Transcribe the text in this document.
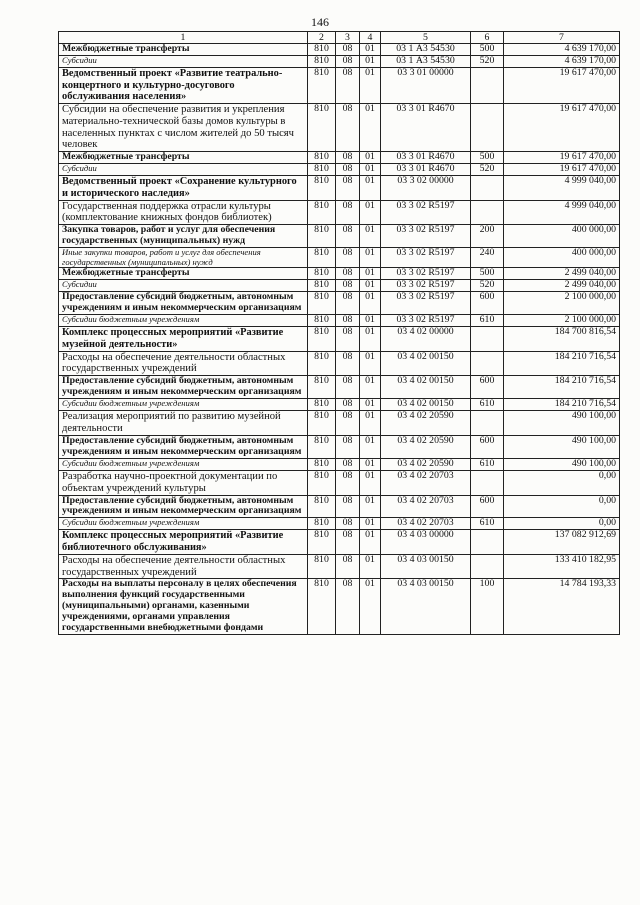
146
1	2	3	4	5	6	7
Межбюджетные трансферты	810	08	01	03 1 А3 54530	500	4 639 170,00
Субсидии	810	08	01	03 1 А3 54530	520	4 639 170,00
Ведомственный проект «Развитие театрально-концертного и культурно-досугового обслуживания населения»	810	08	01	03 3 01 00000		19 617 470,00
Субсидии на обеспечение развития и укрепления материально-технической базы домов культуры в населенных пунктах с числом жителей до 50 тысяч человек	810	08	01	03 3 01 R4670		19 617 470,00
Межбюджетные трансферты	810	08	01	03 3 01 R4670	500	19 617 470,00
Субсидии	810	08	01	03 3 01 R4670	520	19 617 470,00
Ведомственный проект «Сохранение культурного и исторического наследия»	810	08	01	03 3 02 00000		4 999 040,00
Государственная поддержка отрасли культуры (комплектование книжных фондов библиотек)	810	08	01	03 3 02 R5197		4 999 040,00
Закупка товаров, работ и услуг для обеспечения государственных (муниципальных) нужд	810	08	01	03 3 02 R5197	200	400 000,00
Иные закупки товаров, работ и услуг для обеспечения государственных (муниципальных) нужд	810	08	01	03 3 02 R5197	240	400 000,00
Межбюджетные трансферты	810	08	01	03 3 02 R5197	500	2 499 040,00
Субсидии	810	08	01	03 3 02 R5197	520	2 499 040,00
Предоставление субсидий бюджетным, автономным учреждениям и иным некоммерческим организациям	810	08	01	03 3 02 R5197	600	2 100 000,00
Субсидии бюджетным учреждениям	810	08	01	03 3 02 R5197	610	2 100 000,00
Комплекс процессных мероприятий «Развитие музейной деятельности»	810	08	01	03 4 02 00000		184 700 816,54
Расходы на обеспечение деятельности областных государственных учреждений	810	08	01	03 4 02 00150		184 210 716,54
Предоставление субсидий бюджетным, автономным учреждениям и иным некоммерческим организациям	810	08	01	03 4 02 00150	600	184 210 716,54
Субсидии бюджетным учреждениям	810	08	01	03 4 02 00150	610	184 210 716,54
Реализация мероприятий по развитию музейной деятельности	810	08	01	03 4 02 20590		490 100,00
Предоставление субсидий бюджетным, автономным учреждениям и иным некоммерческим организациям	810	08	01	03 4 02 20590	600	490 100,00
Субсидии бюджетным учреждениям	810	08	01	03 4 02 20590	610	490 100,00
Разработка научно-проектной документации по объектам учреждений культуры	810	08	01	03 4 02 20703		0,00
Предоставление субсидий бюджетным, автономным учреждениям и иным некоммерческим организациям	810	08	01	03 4 02 20703	600	0,00
Субсидии бюджетным учреждениям	810	08	01	03 4 02 20703	610	0,00
Комплекс процессных мероприятий «Развитие библиотечного обслуживания»	810	08	01	03 4 03 00000		137 082 912,69
Расходы на обеспечение деятельности областных государственных учреждений	810	08	01	03 4 03 00150		133 410 182,95
Расходы на выплаты персоналу в целях обеспечения выполнения функций государственными (муниципальными) органами, казенными учреждениями, органами управления государственными внебюджетными фондами	810	08	01	03 4 03 00150	100	14 784 193,33
